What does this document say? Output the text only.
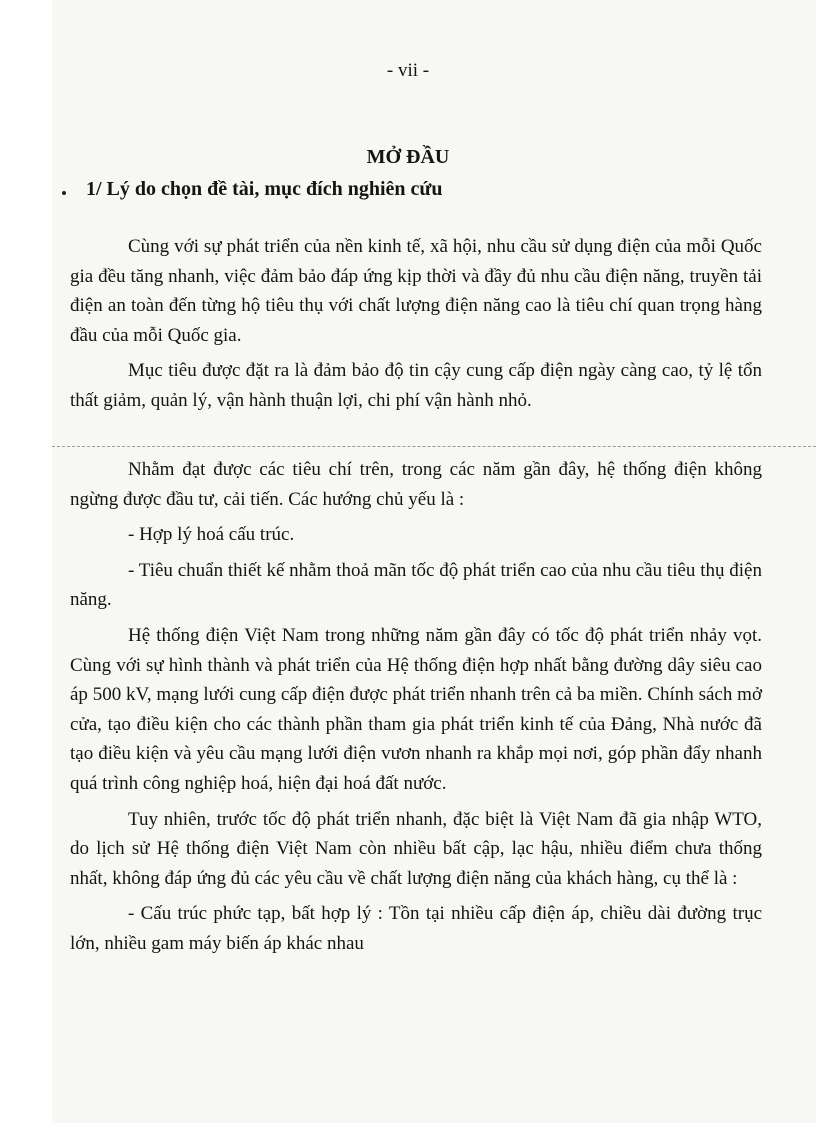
- vii -
MỞ ĐẦU
1/ Lý do chọn đề tài, mục đích nghiên cứu

Cùng với sự phát triển của nền kinh tế, xã hội, nhu cầu sử dụng điện của mỗi Quốc gia đều tăng nhanh, việc đảm bảo đáp ứng kịp thời và đầy đủ nhu cầu điện năng, truyền tải điện an toàn đến từng hộ tiêu thụ với chất lượng điện năng cao là tiêu chí quan trọng hàng đầu của mỗi Quốc gia.

Mục tiêu được đặt ra là đảm bảo độ tin cậy cung cấp điện ngày càng cao, tỷ lệ tổn thất giảm, quản lý, vận hành thuận lợi, chi phí vận hành nhỏ.

Nhằm đạt được các tiêu chí trên, trong các năm gần đây, hệ thống điện không ngừng được đầu tư, cải tiến. Các hướng chủ yếu là :

- Hợp lý hoá cấu trúc.

- Tiêu chuẩn thiết kế nhằm thoả mãn tốc độ phát triển cao của nhu cầu tiêu thụ điện năng.

Hệ thống điện Việt Nam trong những năm gần đây có tốc độ phát triển nhảy vọt. Cùng với sự hình thành và phát triển của Hệ thống điện hợp nhất bằng đường dây siêu cao áp 500 kV, mạng lưới cung cấp điện được phát triển nhanh trên cả ba miền. Chính sách mở cửa, tạo điều kiện cho các thành phần tham gia phát triển kinh tế của Đảng, Nhà nước đã tạo điều kiện và yêu cầu mạng lưới điện vươn nhanh ra khắp mọi nơi, góp phần đẩy nhanh quá trình công nghiệp hoá, hiện đại hoá đất nước.

Tuy nhiên, trước tốc độ phát triển nhanh, đặc biệt là Việt Nam đã gia nhập WTO, do lịch sử Hệ thống điện Việt Nam còn nhiều bất cập, lạc hậu, nhiều điểm chưa thống nhất, không đáp ứng đủ các yêu cầu về chất lượng điện năng của khách hàng, cụ thể là :

- Cấu trúc phức tạp, bất hợp lý : Tồn tại nhiều cấp điện áp, chiều dài đường trục lớn, nhiều gam máy biến áp khác nhau
